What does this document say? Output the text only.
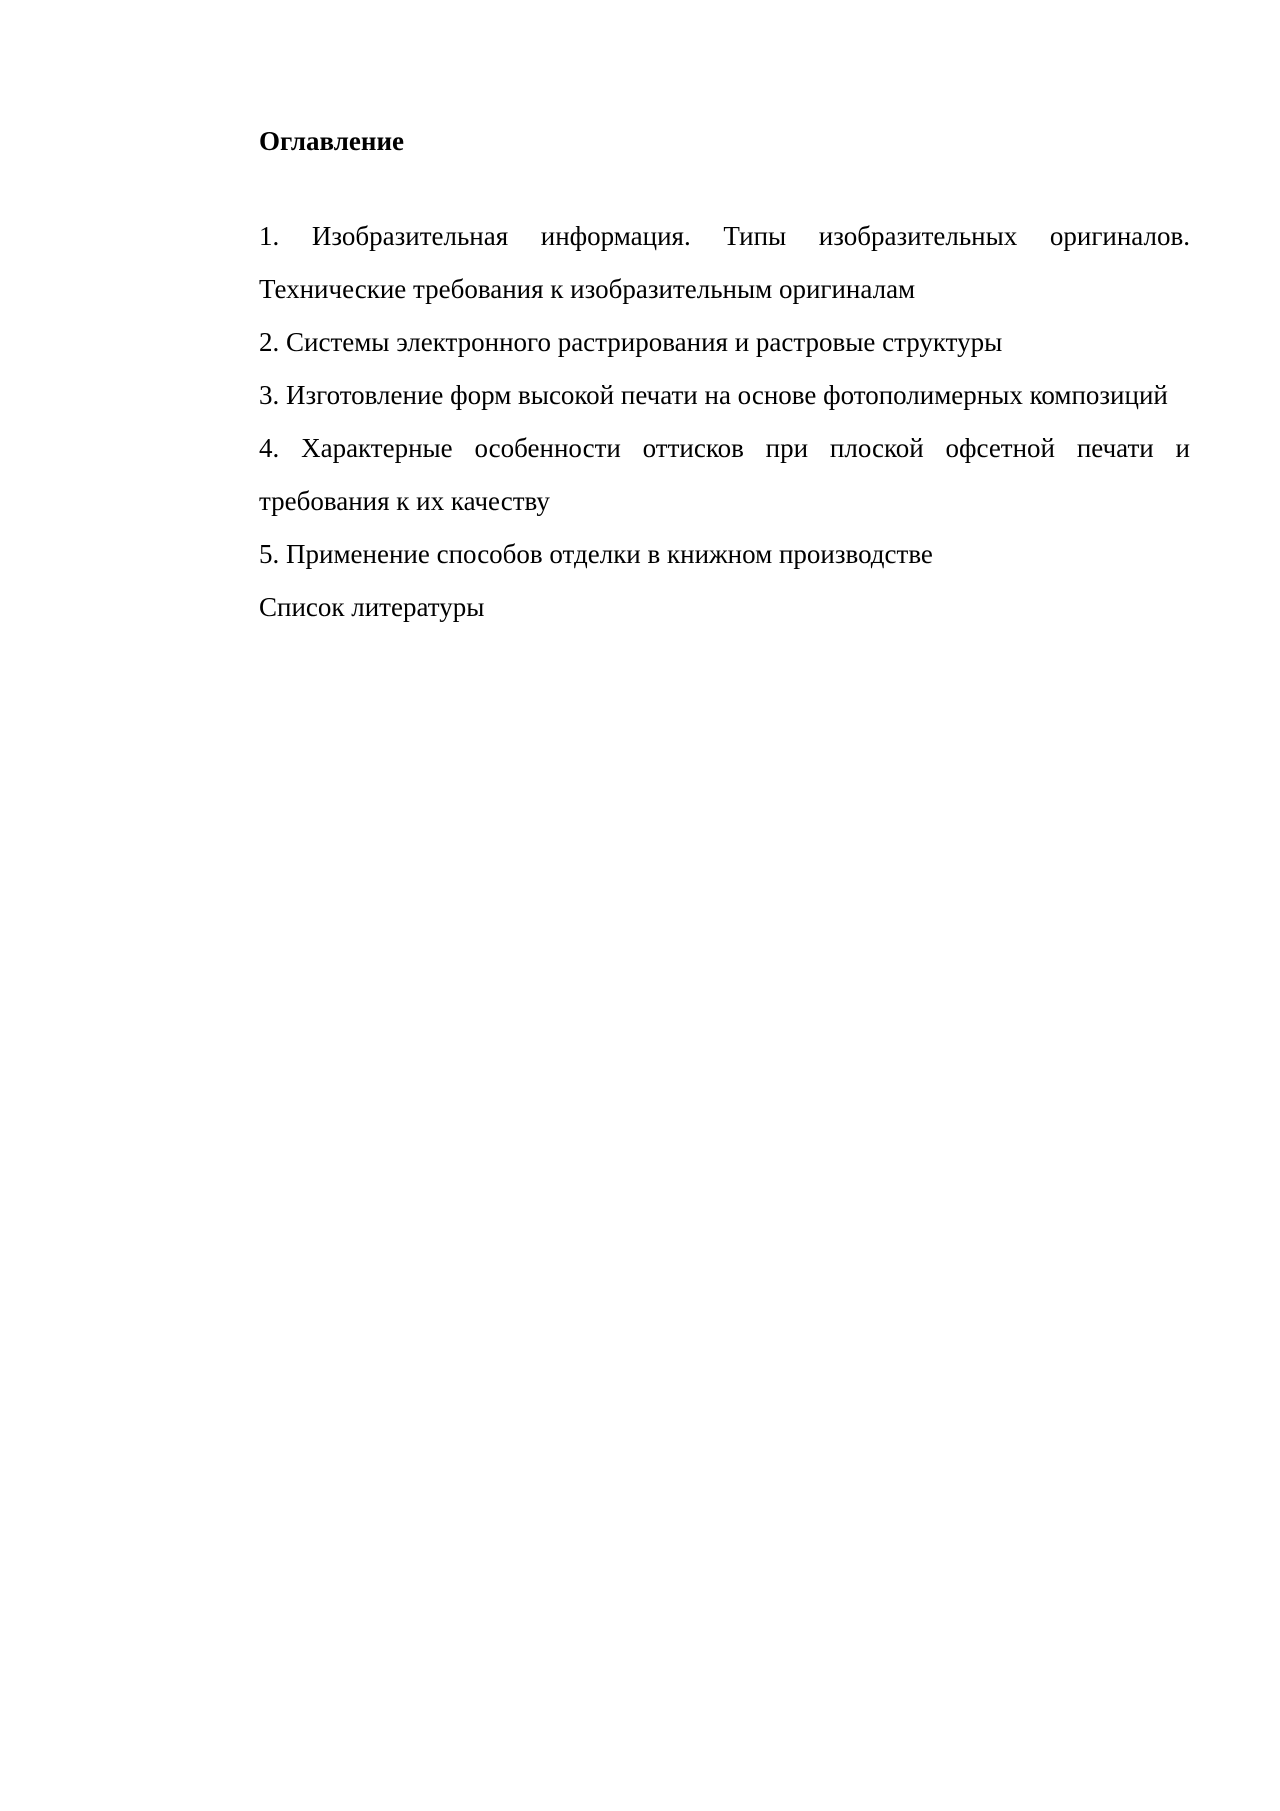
Оглавление

1. Изобразительная информация. Типы изобразительных оригиналов. Технические требования к изобразительным оригиналам

2. Системы электронного растрирования и растровые структуры

3. Изготовление форм высокой печати на основе фотополимерных композиций

4. Характерные особенности оттисков при плоской офсетной печати и требования к их качеству

5. Применение способов отделки в книжном производстве

Список литературы
